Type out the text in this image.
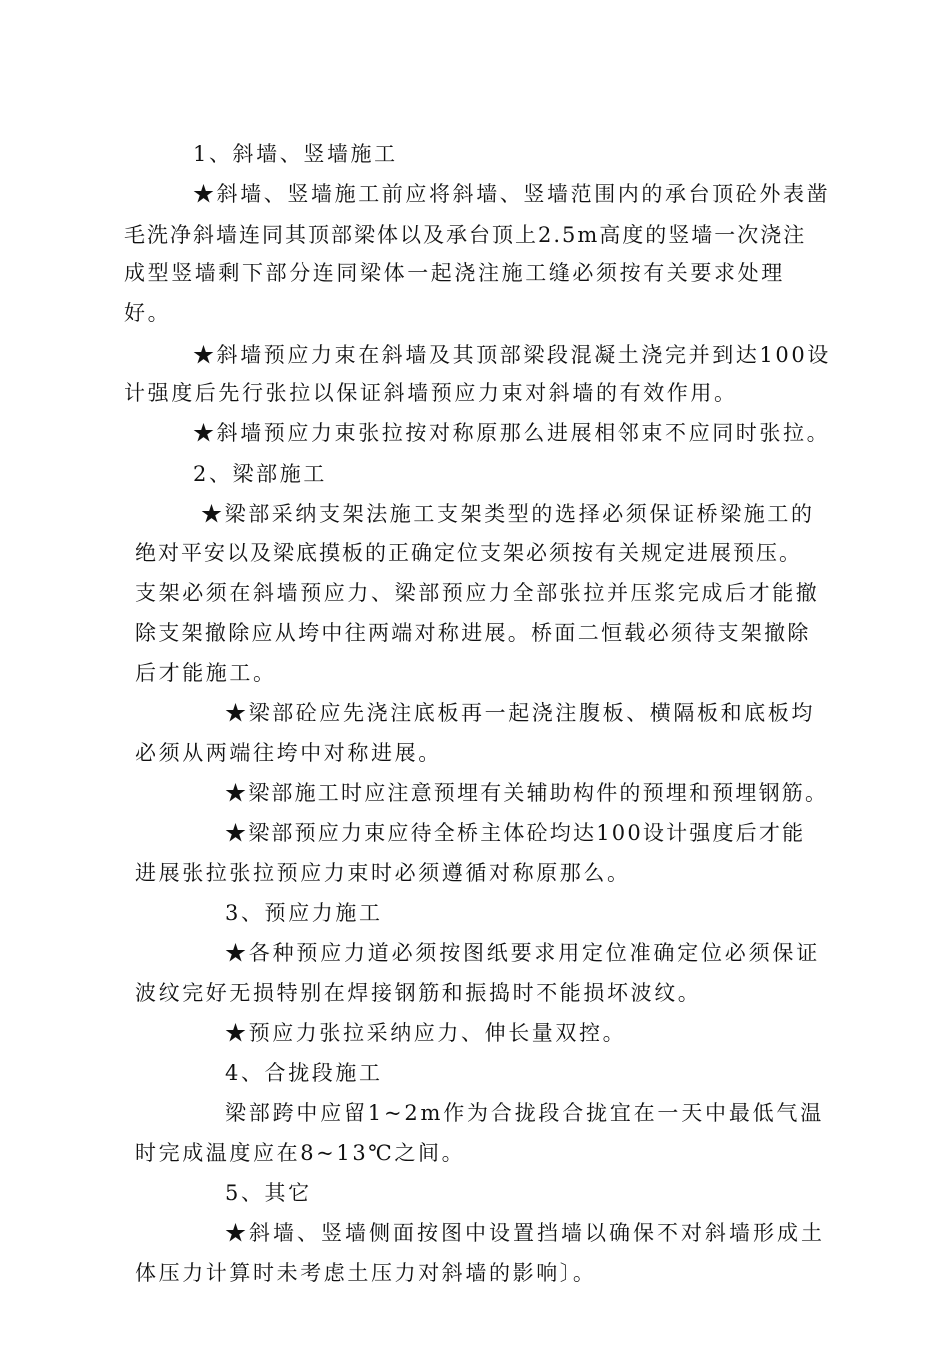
1、斜墙、竖墙施工

★斜墙、竖墙施工前应将斜墙、竖墙范围内的承台顶砼外表凿

毛洗净斜墙连同其顶部梁体以及承台顶上2.5m高度的竖墙一次浇注

成型竖墙剩下部分连同梁体一起浇注施工缝必须按有关要求处理

好。

★斜墙预应力束在斜墙及其顶部梁段混凝土浇完并到达100设

计强度后先行张拉以保证斜墙预应力束对斜墙的有效作用。

★斜墙预应力束张拉按对称原那么进展相邻束不应同时张拉。

2、梁部施工

★梁部采纳支架法施工支架类型的选择必须保证桥梁施工的

绝对平安以及梁底摸板的正确定位支架必须按有关规定进展预压。

支架必须在斜墙预应力、梁部预应力全部张拉并压浆完成后才能撤

除支架撤除应从垮中往两端对称进展。桥面二恒载必须待支架撤除

后才能施工。

★梁部砼应先浇注底板再一起浇注腹板、横隔板和底板均

必须从两端往垮中对称进展。

★梁部施工时应注意预埋有关辅助构件的预埋和预埋钢筋。

★梁部预应力束应待全桥主体砼均达100设计强度后才能

进展张拉张拉预应力束时必须遵循对称原那么。

3、预应力施工

★各种预应力道必须按图纸要求用定位准确定位必须保证

波纹完好无损特别在焊接钢筋和振捣时不能损坏波纹。

★预应力张拉采纳应力、伸长量双控。

4、合拢段施工

梁部跨中应留1~2m作为合拢段合拢宜在一天中最低气温

时完成温度应在8~13℃之间。

5、其它

★斜墙、竖墙侧面按图中设置挡墙以确保不对斜墙形成土

体压力计算时未考虑土压力对斜墙的影响〕。
